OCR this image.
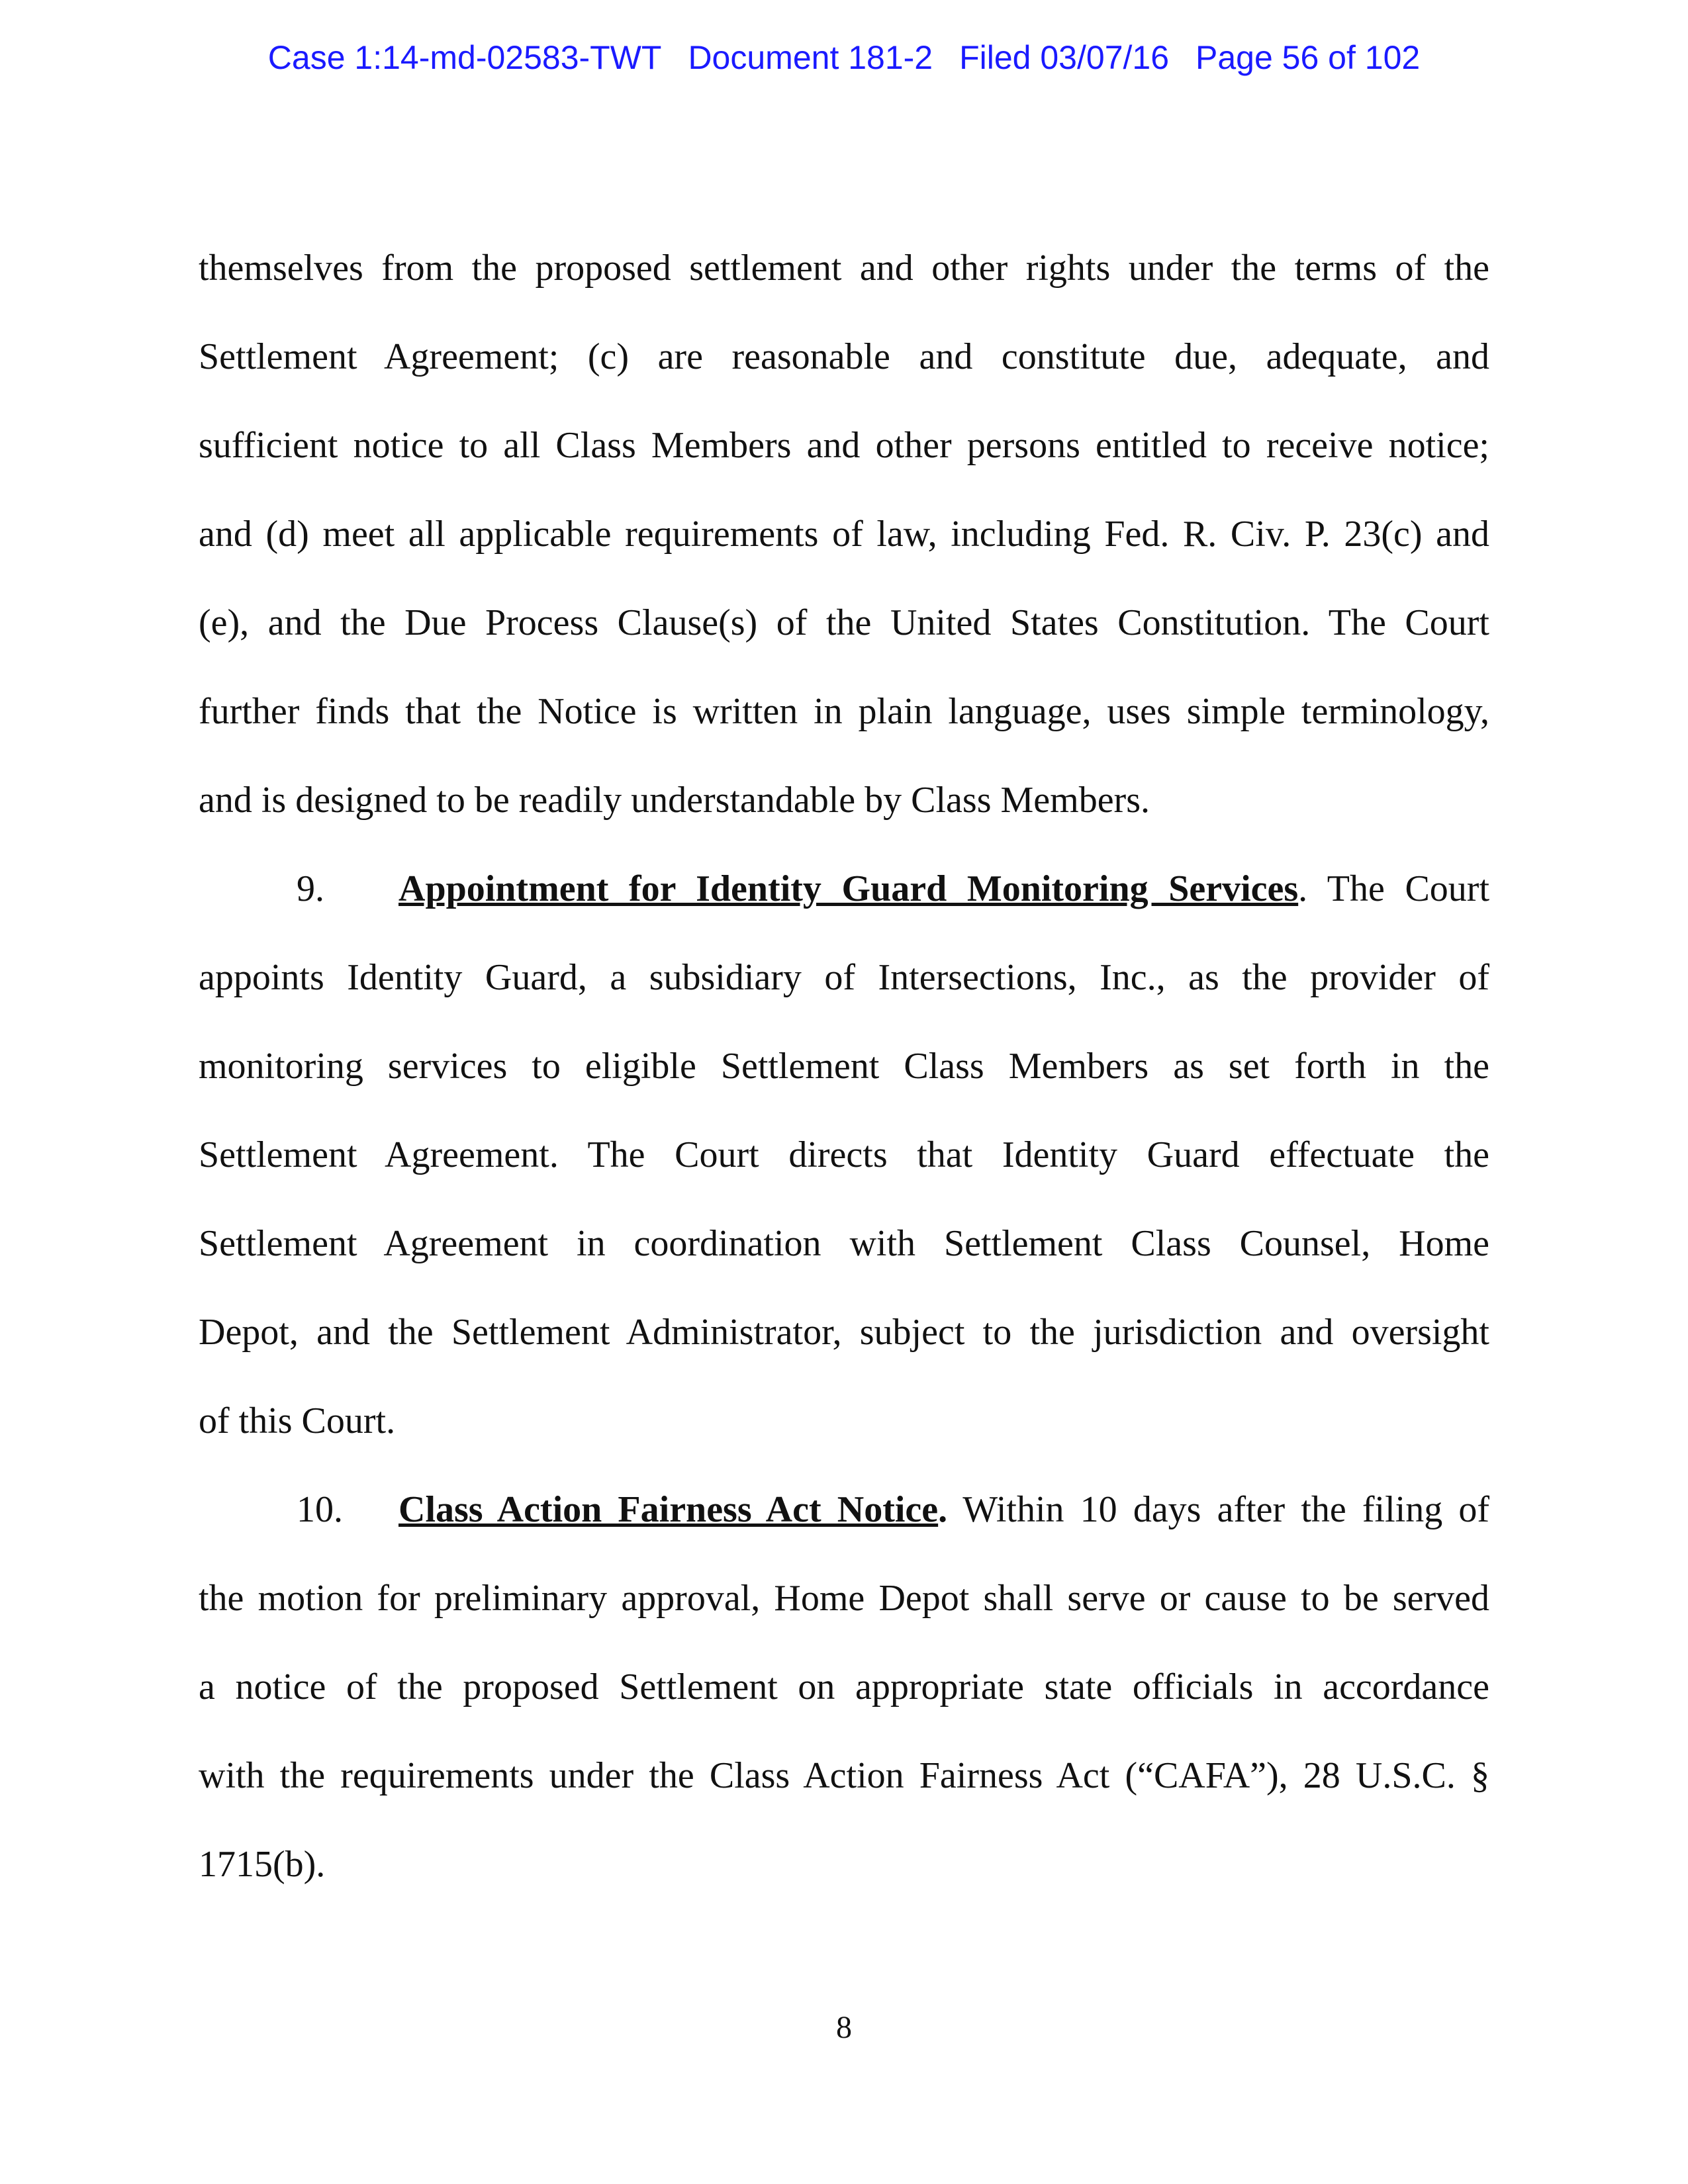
Case 1:14-md-02583-TWT Document 181-2 Filed 03/07/16 Page 56 of 102
themselves from the proposed settlement and other rights under the terms of the
Settlement Agreement; (c) are reasonable and constitute due, adequate, and
sufficient notice to all Class Members and other persons entitled to receive notice;
and (d) meet all applicable requirements of law, including Fed. R. Civ. P. 23(c) and
(e), and the Due Process Clause(s) of the United States Constitution. The Court
further finds that the Notice is written in plain language, uses simple terminology,
and is designed to be readily understandable by Class Members.
9. Appointment for Identity Guard Monitoring Services. The Court
appoints Identity Guard, a subsidiary of Intersections, Inc., as the provider of
monitoring services to eligible Settlement Class Members as set forth in the
Settlement Agreement. The Court directs that Identity Guard effectuate the
Settlement Agreement in coordination with Settlement Class Counsel, Home
Depot, and the Settlement Administrator, subject to the jurisdiction and oversight
of this Court.
10. Class Action Fairness Act Notice. Within 10 days after the filing of
the motion for preliminary approval, Home Depot shall serve or cause to be served
a notice of the proposed Settlement on appropriate state officials in accordance
with the requirements under the Class Action Fairness Act (“CAFA”), 28 U.S.C. §
1715(b).
8
